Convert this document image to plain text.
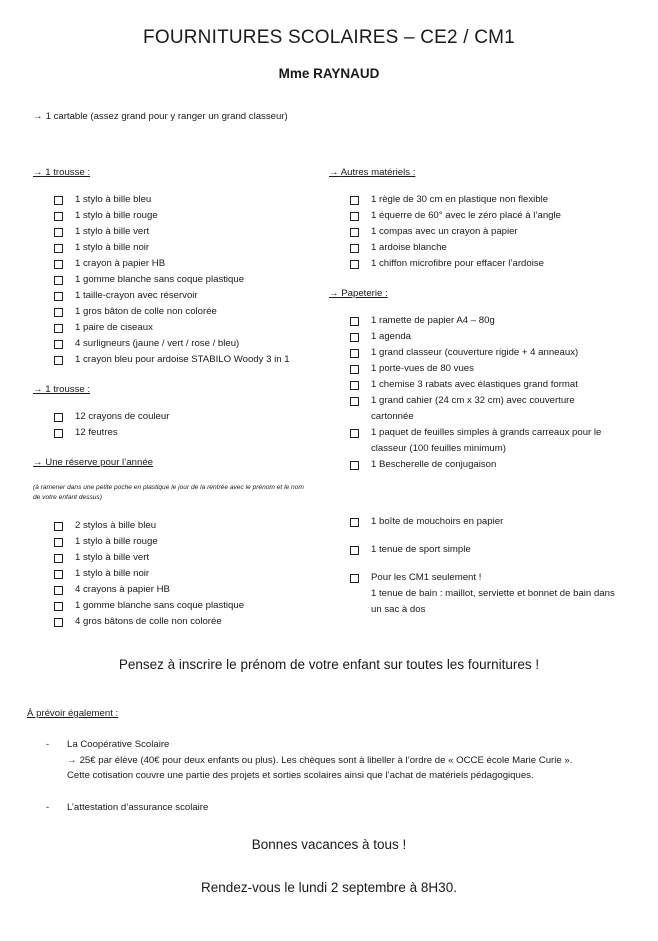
FOURNITURES SCOLAIRES – CE2 / CM1
Mme RAYNAUD
→ 1 cartable (assez grand pour y ranger un grand classeur)
→ 1 trousse :
1 stylo à bille bleu
1 stylo à bille rouge
1 stylo à bille vert
1 stylo à bille noir
1 crayon à papier HB
1 gomme blanche sans coque plastique
1 taille-crayon avec réservoir
1 gros bâton de colle non colorée
1 paire de ciseaux
4 surligneurs (jaune / vert / rose / bleu)
1 crayon bleu pour ardoise STABILO Woody 3 in 1
→ 1 trousse :
12 crayons de couleur
12 feutres
→ Une réserve pour l’année
(à ramener dans une petite poche en plastique le jour de la rentrée avec le prénom et le nom de votre enfant dessus)
2 stylos à bille bleu
1 stylo à bille rouge
1 stylo à bille vert
1 stylo à bille noir
4 crayons à papier HB
1 gomme blanche sans coque plastique
4 gros bâtons de colle non colorée
→ Autres matériels :
1 règle de 30 cm en plastique non flexible
1 équerre de 60° avec le zéro placé à l’angle
1 compas avec un crayon à papier
1 ardoise blanche
1 chiffon microfibre pour effacer l’ardoise
→ Papeterie :
1 ramette de papier A4 – 80g
1 agenda
1 grand classeur (couverture rigide + 4 anneaux)
1 porte-vues de 80 vues
1 chemise 3 rabats avec élastiques grand format
1 grand cahier (24 cm x 32 cm) avec couverture cartonnée
1 paquet de feuilles simples à grands carreaux pour le classeur (100 feuilles minimum)
1 Bescherelle de conjugaison
1 boîte de mouchoirs en papier
1 tenue de sport simple
Pour les CM1 seulement !
1 tenue de bain : maillot, serviette et bonnet de bain dans un sac à dos
Pensez à inscrire le prénom de votre enfant sur toutes les fournitures !
À prévoir également :
- La Coopérative Scolaire
→ 25€ par élève (40€ pour deux enfants ou plus). Les chèques sont à libeller à l’ordre de « OCCE école Marie Curie ».
Cette cotisation couvre une partie des projets et sorties scolaires ainsi que l’achat de matériels pédagogiques.
- L’attestation d’assurance scolaire
Bonnes vacances à tous !
Rendez-vous le lundi 2 septembre à 8H30.
